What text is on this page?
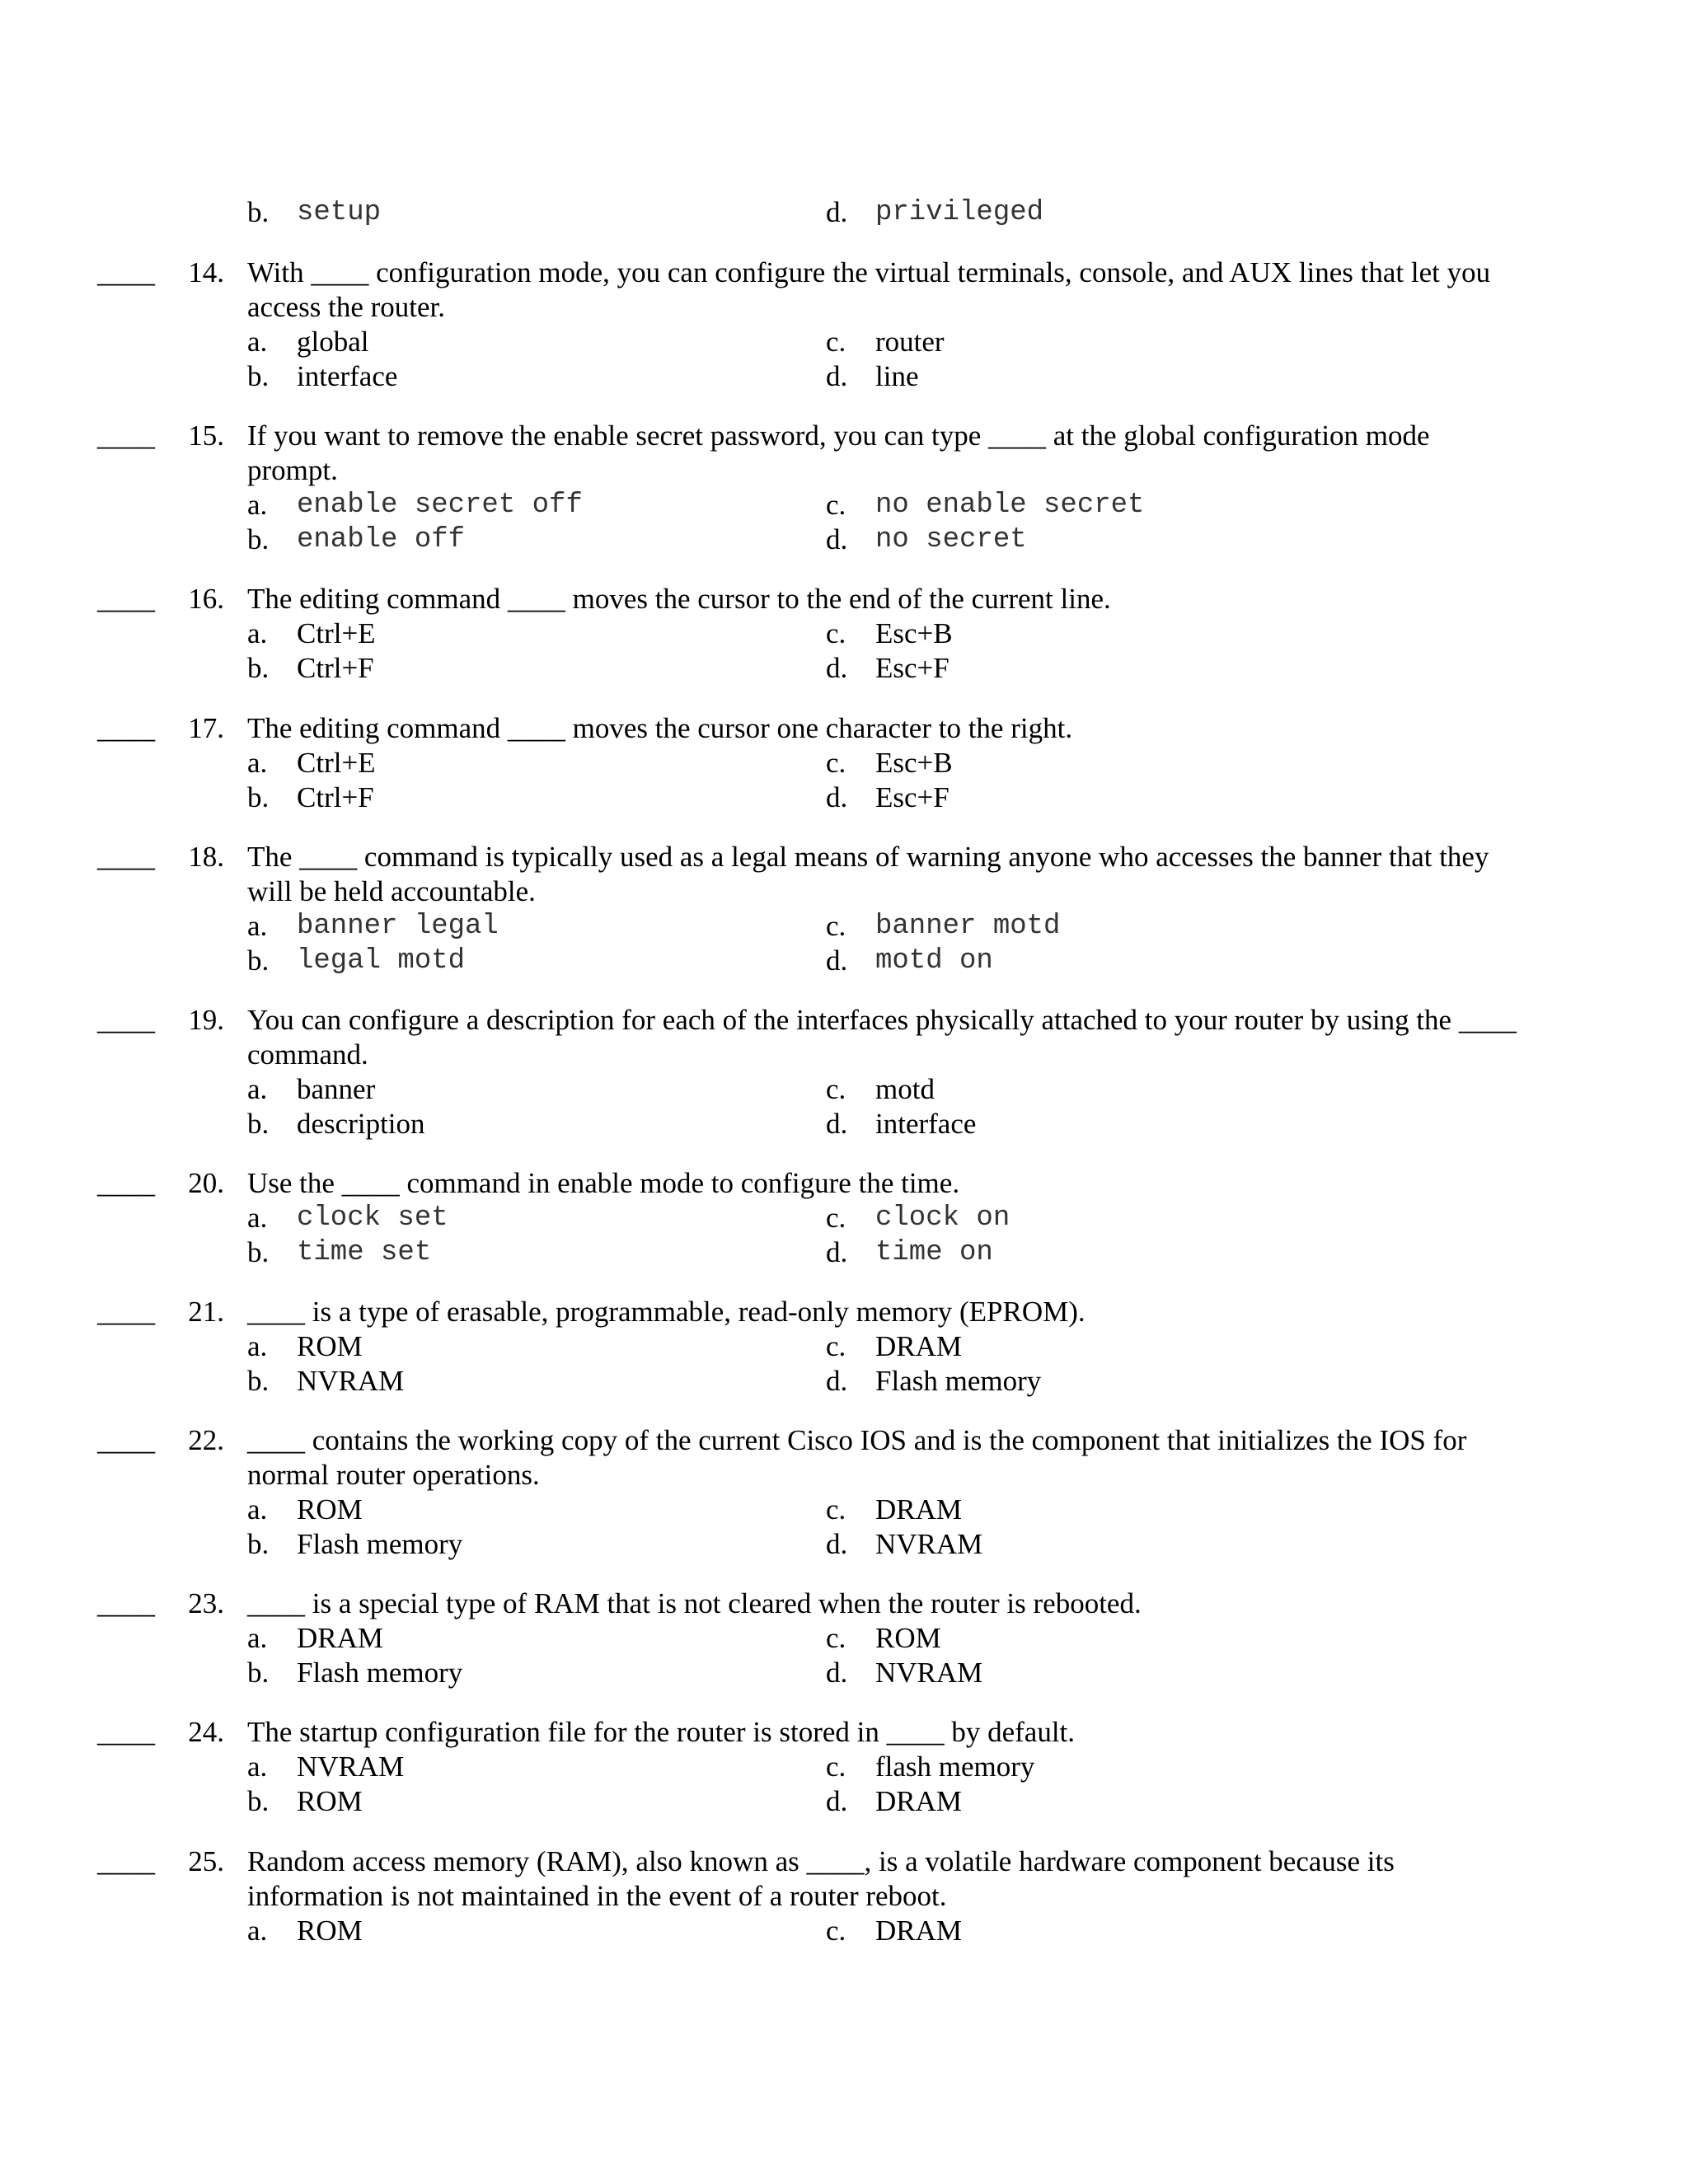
b. setup	d. privileged
____ 14. With ____ configuration mode, you can configure the virtual terminals, console, and AUX lines that let you
access the router.
a. global	c. router
b. interface	d. line
____ 15. If you want to remove the enable secret password, you can type ____ at the global configuration mode
prompt.
a. enable secret off	c. no enable secret
b. enable off	d. no secret
____ 16. The editing command ____ moves the cursor to the end of the current line.
a. Ctrl+E	c. Esc+B
b. Ctrl+F	d. Esc+F
____ 17. The editing command ____ moves the cursor one character to the right.
a. Ctrl+E	c. Esc+B
b. Ctrl+F	d. Esc+F
____ 18. The ____ command is typically used as a legal means of warning anyone who accesses the banner that they
will be held accountable.
a. banner legal	c. banner motd
b. legal motd	d. motd on
____ 19. You can configure a description for each of the interfaces physically attached to your router by using the ____
command.
a. banner	c. motd
b. description	d. interface
____ 20. Use the ____ command in enable mode to configure the time.
a. clock set	c. clock on
b. time set	d. time on
____ 21. ____ is a type of erasable, programmable, read-only memory (EPROM).
a. ROM	c. DRAM
b. NVRAM	d. Flash memory
____ 22. ____ contains the working copy of the current Cisco IOS and is the component that initializes the IOS for
normal router operations.
a. ROM	c. DRAM
b. Flash memory	d. NVRAM
____ 23. ____ is a special type of RAM that is not cleared when the router is rebooted.
a. DRAM	c. ROM
b. Flash memory	d. NVRAM
____ 24. The startup configuration file for the router is stored in ____ by default.
a. NVRAM	c. flash memory
b. ROM	d. DRAM
____ 25. Random access memory (RAM), also known as ____, is a volatile hardware component because its
information is not maintained in the event of a router reboot.
a. ROM	c. DRAM
